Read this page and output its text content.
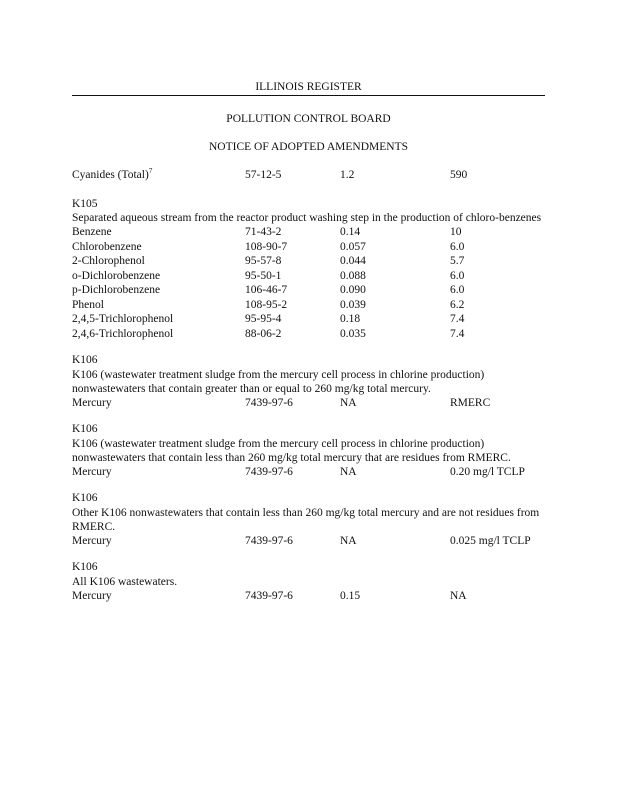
ILLINOIS REGISTER
POLLUTION CONTROL BOARD
NOTICE OF ADOPTED AMENDMENTS
Cyanides (Total)$^7$	57-12-5	1.2	590
K105
Separated aqueous stream from the reactor product washing step in the production of chloro-benzenes
Benzene	71-43-2	0.14	10
Chlorobenzene	108-90-7	0.057	6.0
2-Chlorophenol	95-57-8	0.044	5.7
o-Dichlorobenzene	95-50-1	0.088	6.0
p-Dichlorobenzene	106-46-7	0.090	6.0
Phenol	108-95-2	0.039	6.2
2,4,5-Trichlorophenol	95-95-4	0.18	7.4
2,4,6-Trichlorophenol	88-06-2	0.035	7.4
K106
K106 (wastewater treatment sludge from the mercury cell process in chlorine production) nonwastewaters that contain greater than or equal to 260 mg/kg total mercury.
Mercury	7439-97-6	NA	RMERC
K106
K106 (wastewater treatment sludge from the mercury cell process in chlorine production) nonwastewaters that contain less than 260 mg/kg total mercury that are residues from RMERC.
Mercury	7439-97-6	NA	0.20 mg/l TCLP
K106
Other K106 nonwastewaters that contain less than 260 mg/kg total mercury and are not residues from RMERC.
Mercury	7439-97-6	NA	0.025 mg/l TCLP
K106
All K106 wastewaters.
Mercury	7439-97-6	0.15	NA
